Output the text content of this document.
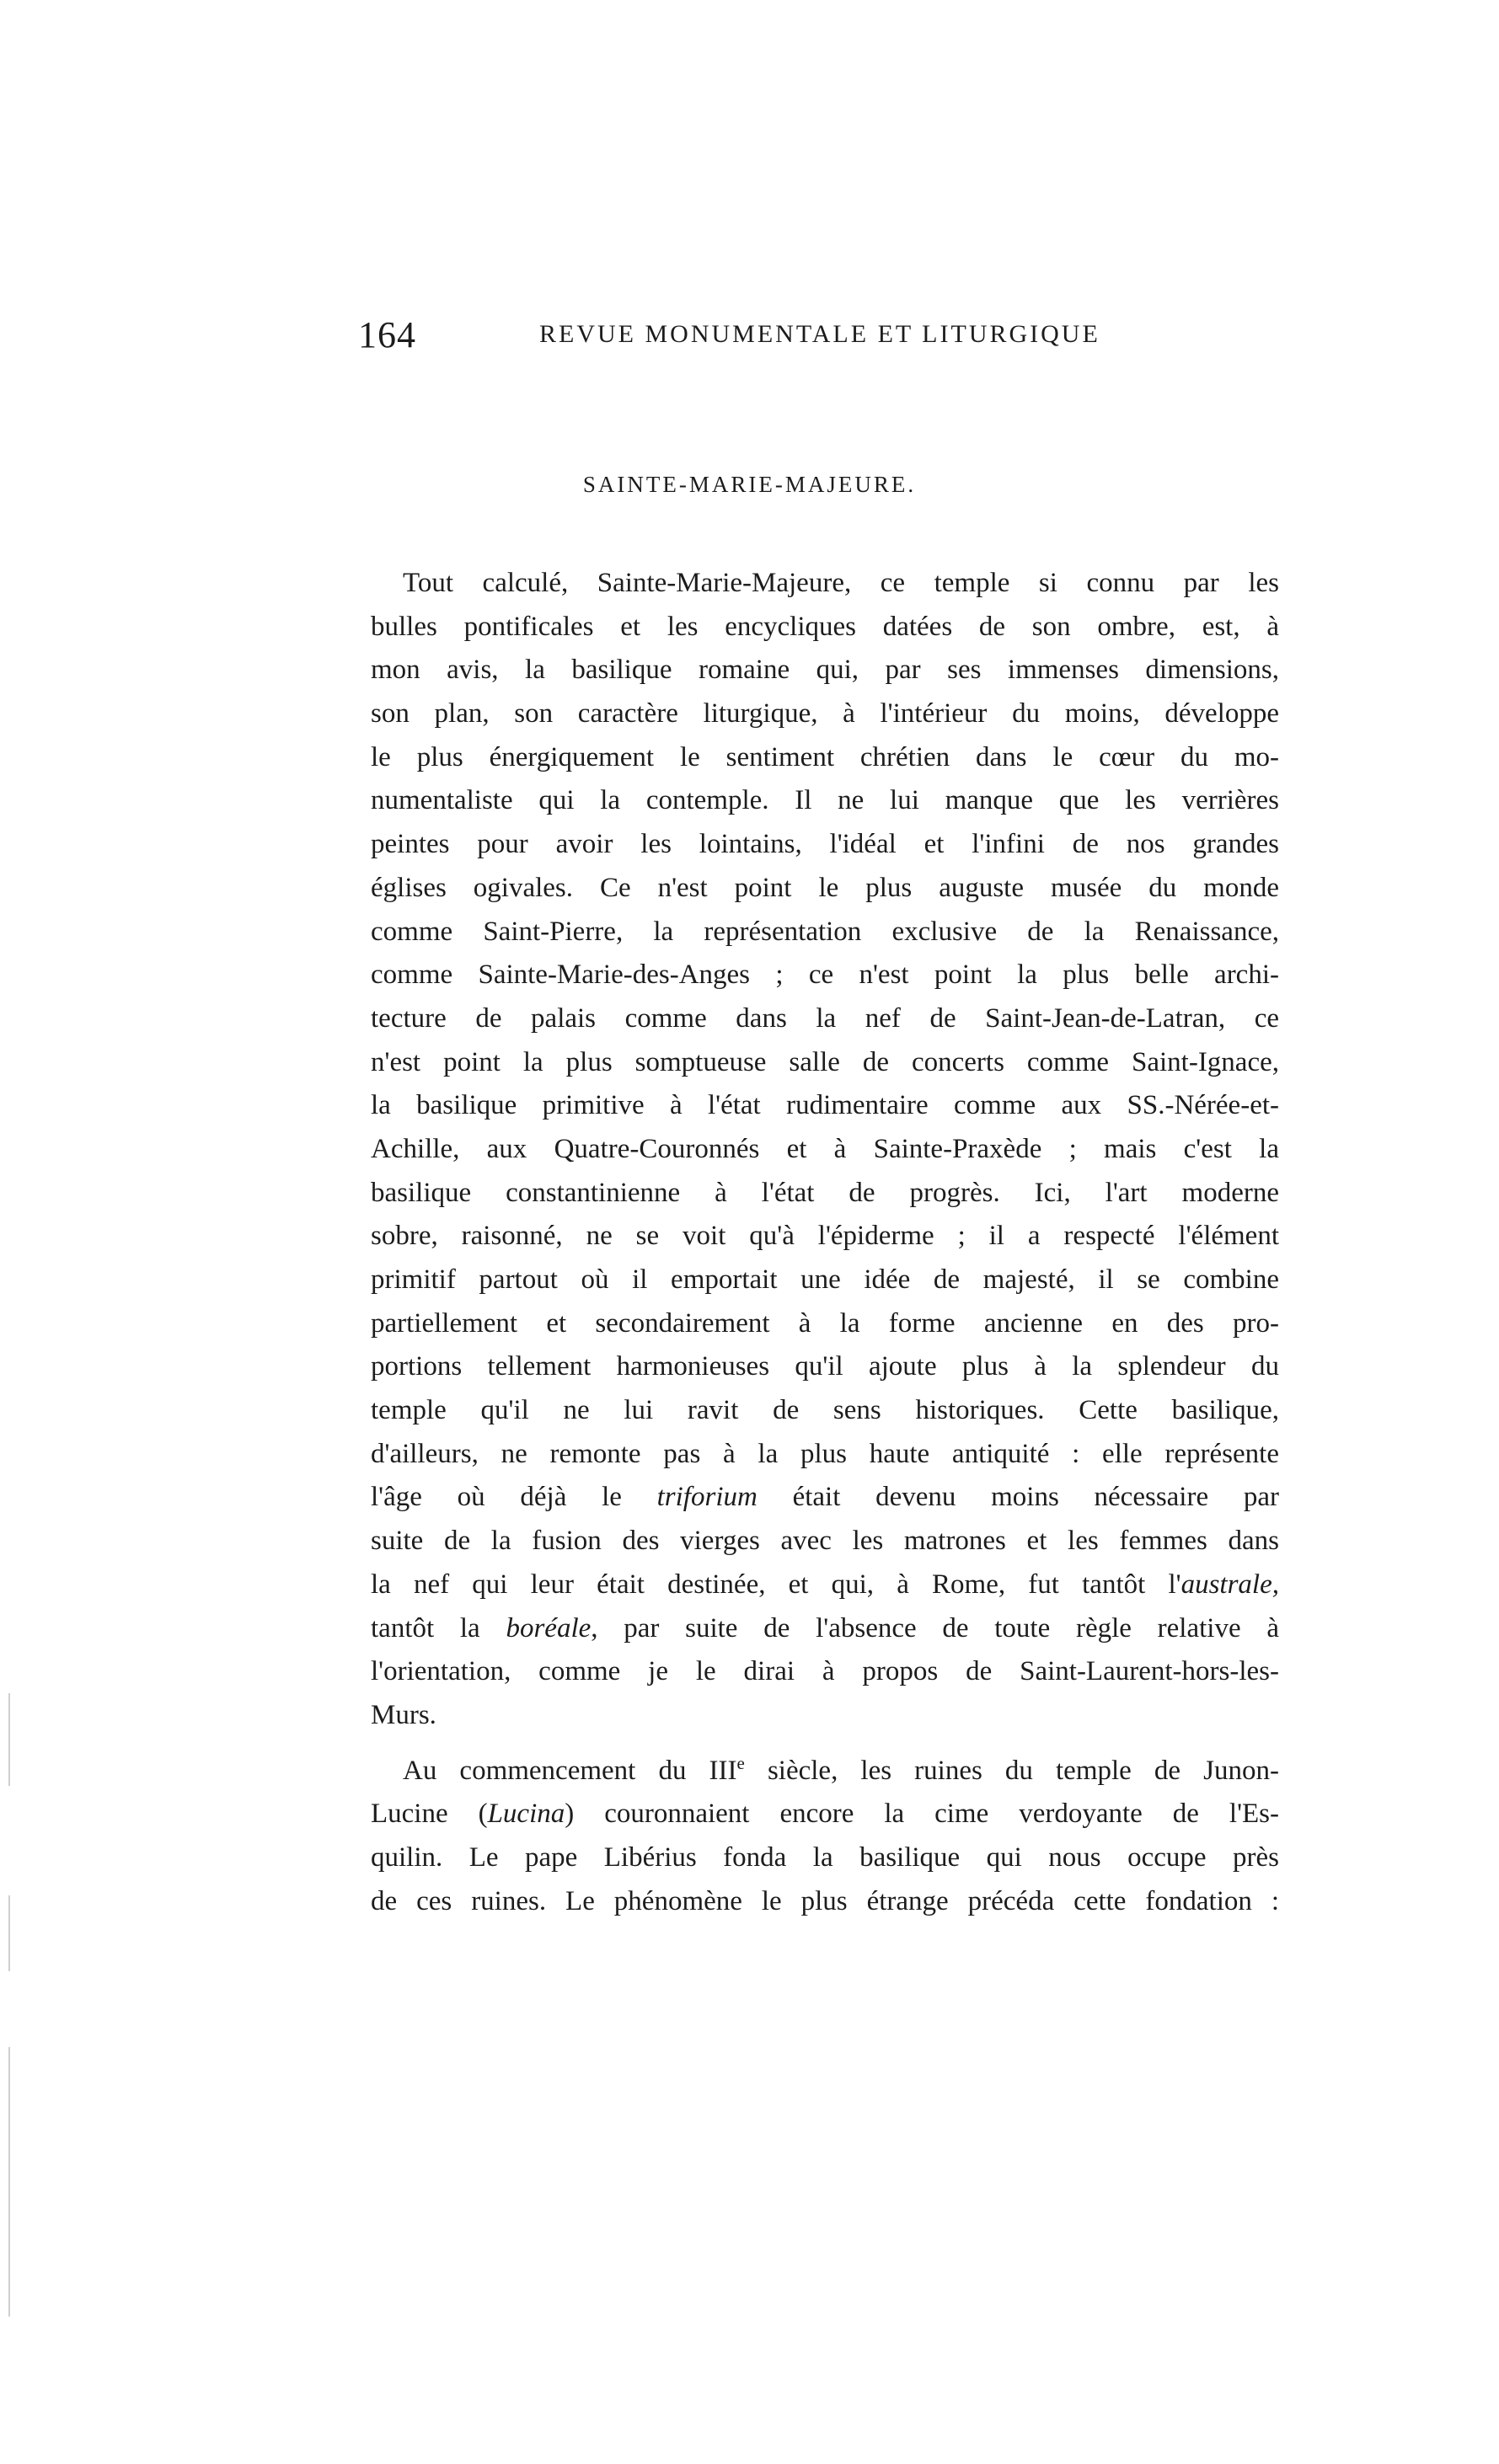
164	REVUE MONUMENTALE ET LITURGIQUE
SAINTE-MARIE-MAJEURE.
Tout calculé, Sainte-Marie-Majeure, ce temple si connu par les
bulles pontificales et les encycliques datées de son ombre, est, à
mon avis, la basilique romaine qui, par ses immenses dimensions,
son plan, son caractère liturgique, à l'intérieur du moins, développe
le plus énergiquement le sentiment chrétien dans le cœur du mo-
numentaliste qui la contemple. Il ne lui manque que les verrières
peintes pour avoir les lointains, l'idéal et l'infini de nos grandes
églises ogivales. Ce n'est point le plus auguste musée du monde
comme Saint-Pierre, la représentation exclusive de la Renaissance,
comme Sainte-Marie-des-Anges ; ce n'est point la plus belle archi-
tecture de palais comme dans la nef de Saint-Jean-de-Latran, ce
n'est point la plus somptueuse salle de concerts comme Saint-Ignace,
la basilique primitive à l'état rudimentaire comme aux SS.-Nérée-et-
Achille, aux Quatre-Couronnés et à Sainte-Praxède ; mais c'est la
basilique constantinienne à l'état de progrès. Ici, l'art moderne
sobre, raisonné, ne se voit qu'à l'épiderme ; il a respecté l'élément
primitif partout où il emportait une idée de majesté, il se combine
partiellement et secondairement à la forme ancienne en des pro-
portions tellement harmonieuses qu'il ajoute plus à la splendeur du
temple qu'il ne lui ravit de sens historiques. Cette basilique,
d'ailleurs, ne remonte pas à la plus haute antiquité : elle représente
l'âge où déjà le triforium était devenu moins nécessaire par
suite de la fusion des vierges avec les matrones et les femmes dans
la nef qui leur était destinée, et qui, à Rome, fut tantôt l'australe,
tantôt la boréale, par suite de l'absence de toute règle relative à
l'orientation, comme je le dirai à propos de Saint-Laurent-hors-les-
Murs.
Au commencement du IIIe siècle, les ruines du temple de Junon-
Lucine (Lucina) couronnaient encore la cime verdoyante de l'Es-
quilin. Le pape Libérius fonda la basilique qui nous occupe près
de ces ruines. Le phénomène le plus étrange précéda cette fondation :
